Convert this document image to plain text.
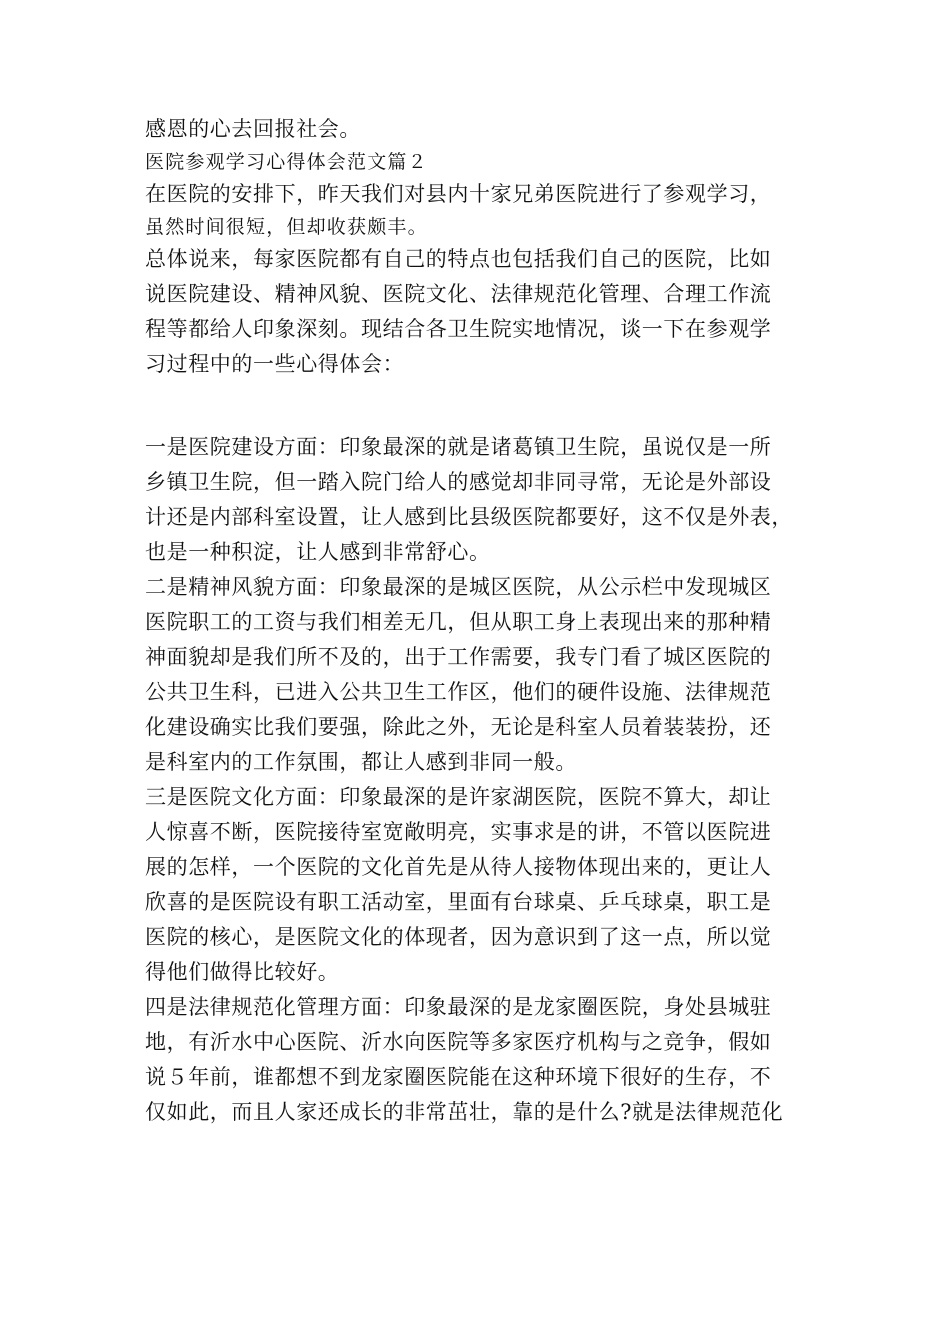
感恩的心去回报社会。
医院参观学习心得体会范文篇２
在医院的安排下，昨天我们对县内十家兄弟医院进行了参观学习，
虽然时间很短，但却收获颇丰。
总体说来，每家医院都有自己的特点也包括我们自己的医院，比如
说医院建设、精神风貌、医院文化、法律规范化管理、合理工作流
程等都给人印象深刻。现结合各卫生院实地情况，谈一下在参观学
习过程中的一些心得体会：
一是医院建设方面：印象最深的就是诸葛镇卫生院，虽说仅是一所
乡镇卫生院，但一踏入院门给人的感觉却非同寻常，无论是外部设
计还是内部科室设置，让人感到比县级医院都要好，这不仅是外表，
也是一种积淀，让人感到非常舒心。
二是精神风貌方面：印象最深的是城区医院，从公示栏中发现城区
医院职工的工资与我们相差无几，但从职工身上表现出来的那种精
神面貌却是我们所不及的，出于工作需要，我专门看了城区医院的
公共卫生科，已进入公共卫生工作区，他们的硬件设施、法律规范
化建设确实比我们要强，除此之外，无论是科室人员着装装扮，还
是科室内的工作氛围，都让人感到非同一般。
三是医院文化方面：印象最深的是许家湖医院，医院不算大，却让
人惊喜不断，医院接待室宽敞明亮，实事求是的讲，不管以医院进
展的怎样，一个医院的文化首先是从待人接物体现出来的，更让人
欣喜的是医院设有职工活动室，里面有台球桌、乒乓球桌，职工是
医院的核心，是医院文化的体现者，因为意识到了这一点，所以觉
得他们做得比较好。
四是法律规范化管理方面：印象最深的是龙家圈医院，身处县城驻
地，有沂水中心医院、沂水向医院等多家医疗机构与之竞争，假如
说５年前，谁都想不到龙家圈医院能在这种环境下很好的生存，不
仅如此，而且人家还成长的非常茁壮，靠的是什么?就是法律规范化
